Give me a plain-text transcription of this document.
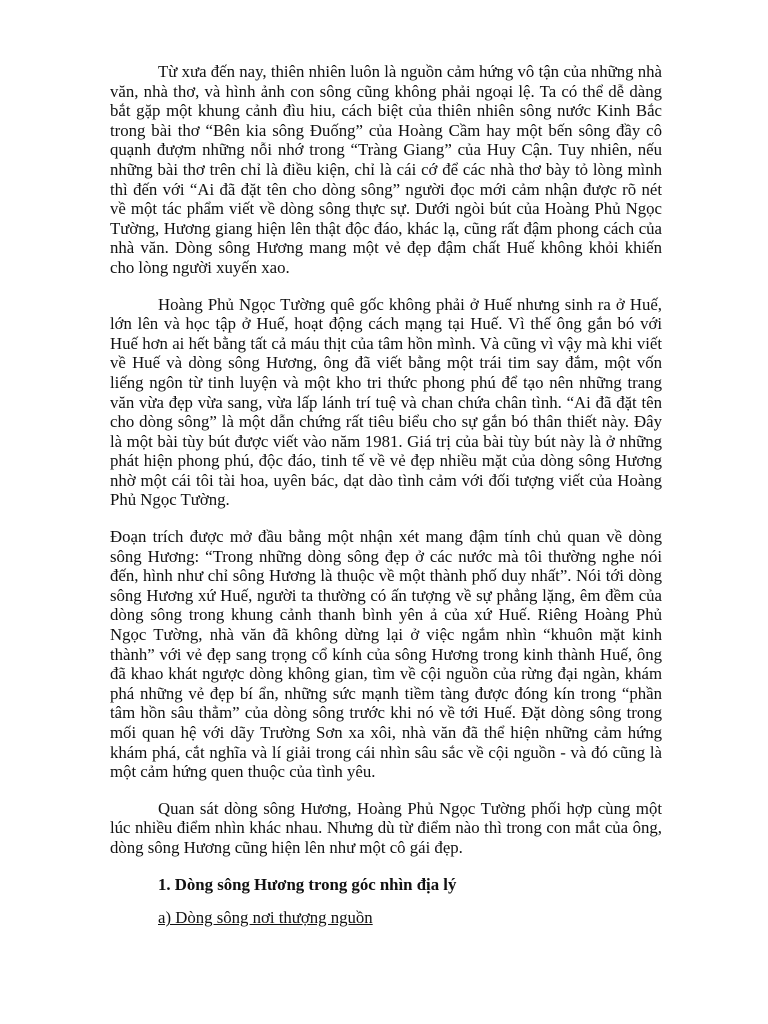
Từ xưa đến nay, thiên nhiên luôn là nguồn cảm hứng vô tận của những nhà văn, nhà thơ, và hình ảnh con sông cũng không phải ngoại lệ. Ta có thể dễ dàng bắt gặp một khung cảnh đìu hiu, cách biệt của thiên nhiên sông nước Kinh Bắc trong bài thơ “Bên kia sông Đuống” của Hoàng Cầm hay một bến sông đầy cô quạnh đượm những nỗi nhớ trong “Tràng Giang” của Huy Cận. Tuy nhiên, nếu những bài thơ trên chỉ là điều kiện, chỉ là cái cớ để các nhà thơ bày tỏ lòng mình thì đến với “Ai đã đặt tên cho dòng sông” người đọc mới cảm nhận được rõ nét về một tác phẩm viết về dòng sông thực sự. Dưới ngòi bút của Hoàng Phủ Ngọc Tường, Hương giang hiện lên thật độc đáo, khác lạ, cũng rất đậm phong cách của nhà văn. Dòng sông Hương mang một vẻ đẹp đậm chất Huế không khỏi khiến cho lòng người xuyến xao.

Hoàng Phủ Ngọc Tường quê gốc không phải ở Huế nhưng sinh ra ở Huế, lớn lên và học tập ở Huế, hoạt động cách mạng tại Huế. Vì thế ông gắn bó với Huế hơn ai hết bằng tất cả máu thịt của tâm hồn mình. Và cũng vì vậy mà khi viết về Huế và dòng sông Hương, ông đã viết bằng một trái tim say đắm, một vốn liếng ngôn từ tinh luyện và một kho tri thức phong phú để tạo nên những trang văn vừa đẹp vừa sang, vừa lấp lánh trí tuệ và chan chứa chân tình. “Ai đã đặt tên cho dòng sông” là một dẫn chứng rất tiêu biểu cho sự gắn bó thân thiết này. Đây là một bài tùy bút được viết vào năm 1981. Giá trị của bài tùy bút này là ở những phát hiện phong phú, độc đáo, tinh tế về vẻ đẹp nhiều mặt của dòng sông Hương nhờ một cái tôi tài hoa, uyên bác, dạt dào tình cảm với đối tượng viết của Hoàng Phủ Ngọc Tường.

Đoạn trích được mở đầu bằng một nhận xét mang đậm tính chủ quan về dòng sông Hương: “Trong những dòng sông đẹp ở các nước mà tôi thường nghe nói đến, hình như chỉ sông Hương là thuộc về một thành phố duy nhất”. Nói tới dòng sông Hương xứ Huế, người ta thường có ấn tượng về sự phẳng lặng, êm đềm của dòng sông trong khung cảnh thanh bình yên ả của xứ Huế. Riêng Hoàng Phủ Ngọc Tường, nhà văn đã không dừng lại ở việc ngắm nhìn “khuôn mặt kinh thành” với vẻ đẹp sang trọng cổ kính của sông Hương trong kinh thành Huế, ông đã khao khát ngược dòng không gian, tìm về cội nguồn của rừng đại ngàn, khám phá những vẻ đẹp bí ẩn, những sức mạnh tiềm tàng được đóng kín trong “phần tâm hồn sâu thẳm” của dòng sông trước khi nó về tới Huế. Đặt dòng sông trong mối quan hệ với dãy Trường Sơn xa xôi, nhà văn đã thể hiện những cảm hứng khám phá, cắt nghĩa và lí giải trong cái nhìn sâu sắc về cội nguồn - và đó cũng là một cảm hứng quen thuộc của tình yêu.

Quan sát dòng sông Hương, Hoàng Phủ Ngọc Tường phối hợp cùng một lúc nhiều điểm nhìn khác nhau. Nhưng dù từ điểm nào thì trong con mắt của ông, dòng sông Hương cũng hiện lên như một cô gái đẹp.

1. Dòng sông Hương trong góc nhìn địa lý

a) Dòng sông nơi thượng nguồn
